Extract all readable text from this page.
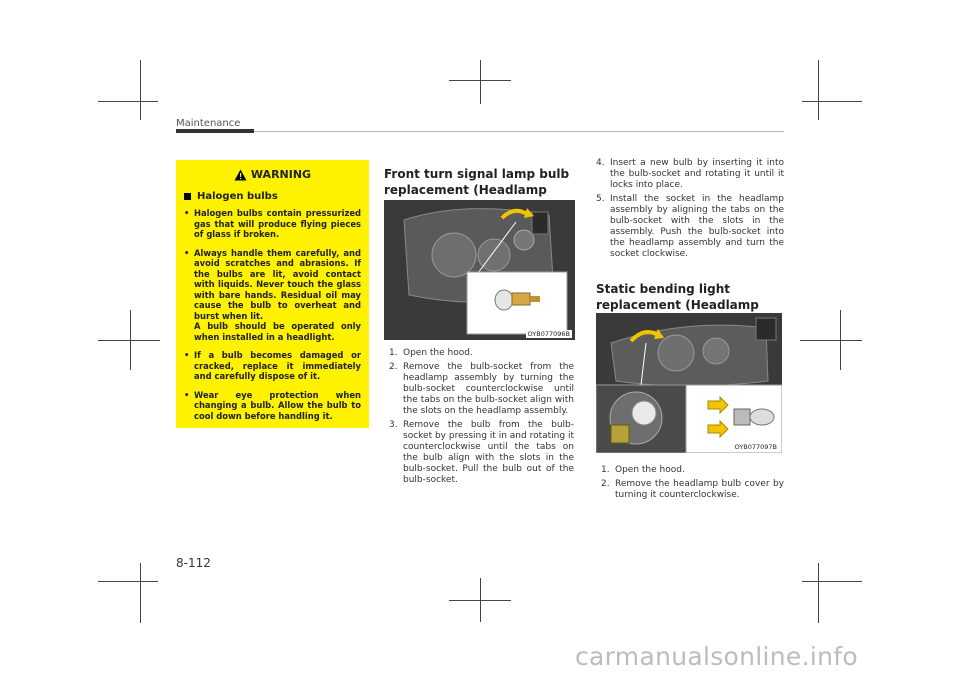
Maintenance
WARNING
Halogen bulbs
• Halogen bulbs contain pressurized gas that will produce flying pieces of glass if broken.
• Always handle them carefully, and avoid scratches and abrasions. If the bulbs are lit, avoid contact with liquids. Never touch the glass with bare hands. Residual oil may cause the bulb to overheat and burst when lit.
A bulb should be operated only when installed in a headlight.
• If a bulb becomes damaged or cracked, replace it immediately and carefully dispose of it.
• Wear eye protection when changing a bulb. Allow the bulb to cool down before handling it.
Front turn signal lamp bulb replacement (Headlamp
OYB077096B
1. Open the hood.
2. Remove the bulb-socket from the headlamp assembly by turning the bulb-socket counterclockwise until the tabs on the bulb-socket align with the slots on the headlamp assembly.
3. Remove the bulb from the bulb-socket by pressing it in and rotating it counterclockwise until the tabs on the bulb align with the slots in the bulb-socket. Pull the bulb out of the bulb-socket.
4. Insert a new bulb by inserting it into the bulb-socket and rotating it until it locks into place.
5. Install the socket in the headlamp assembly by aligning the tabs on the bulb-socket with the slots in the assembly. Push the bulb-socket into the headlamp assembly and turn the socket clockwise.
Static bending light replacement (Headlamp
OYB077097B
1. Open the hood.
2. Remove the headlamp bulb cover by turning it counterclockwise.
8-112
carmanualsonline.info
